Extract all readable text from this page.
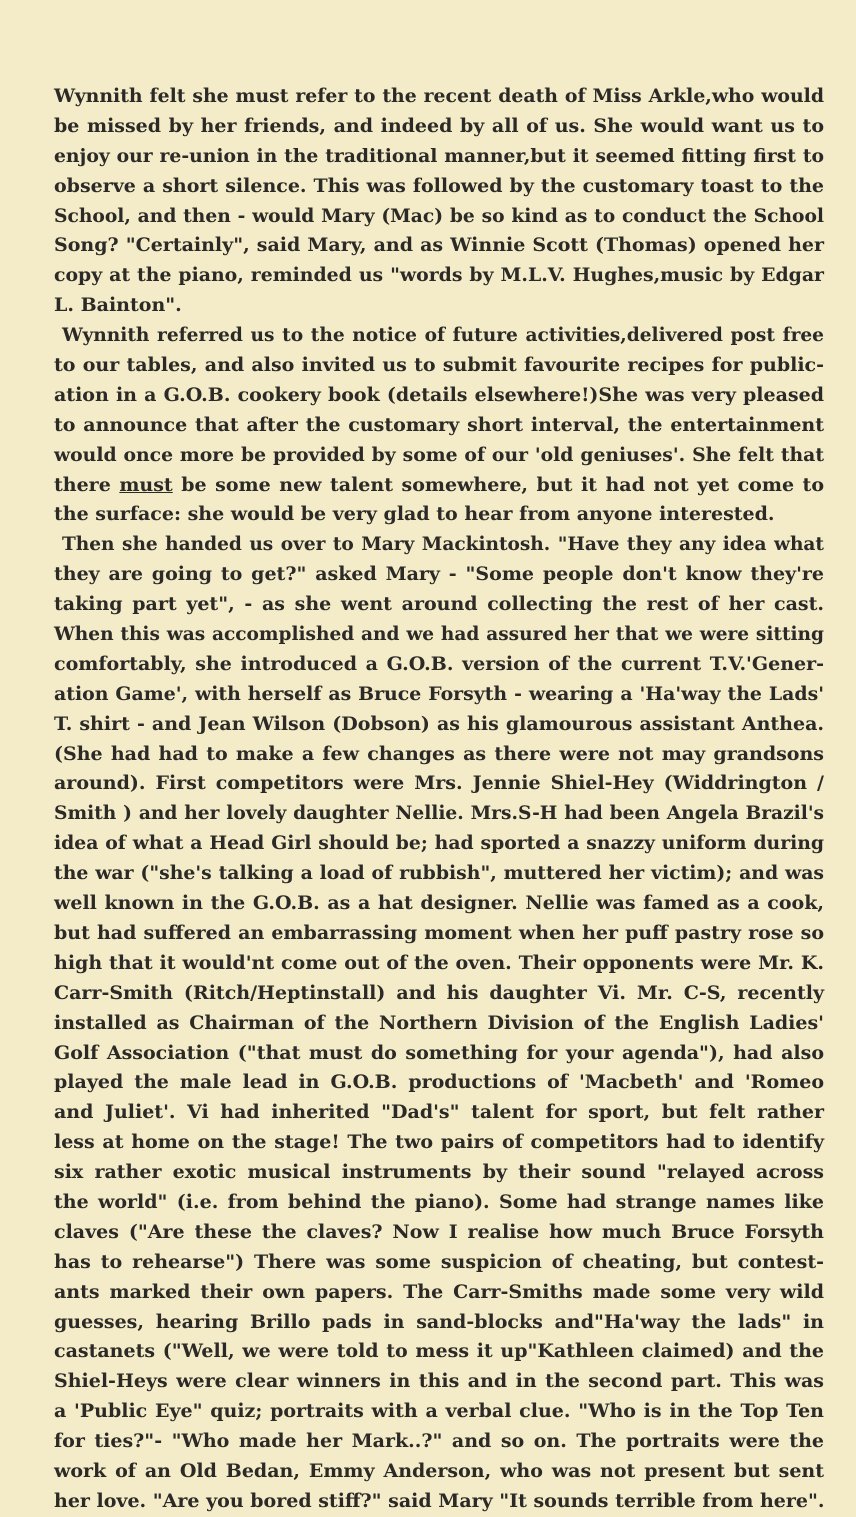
Wynnith felt she must refer to the recent death of Miss Arkle,who would
be missed by her friends, and indeed by all of us. She would want us to
enjoy our re-union in the traditional manner,but it seemed fitting first to
observe a short silence. This was followed by the customary toast to the
School, and then - would Mary (Mac) be so kind as to conduct the School
Song? "Certainly", said Mary, and as Winnie Scott (Thomas) opened her
copy at the piano, reminded us "words by M.L.V. Hughes,music by Edgar
L. Bainton".
Wynnith referred us to the notice of future activities,delivered post free
to our tables, and also invited us to submit favourite recipes for public-
ation in a G.O.B. cookery book (details elsewhere!)She was very pleased
to announce that after the customary short interval, the entertainment
would once more be provided by some of our 'old geniuses'. She felt that
there must be some new talent somewhere, but it had not yet come to
the surface: she would be very glad to hear from anyone interested.
Then she handed us over to Mary Mackintosh. "Have they any idea what
they are going to get?" asked Mary - "Some people don't know they're
taking part yet", - as she went around collecting the rest of her cast.
When this was accomplished and we had assured her that we were sitting
comfortably, she introduced a G.O.B. version of the current T.V.'Gener-
ation Game', with herself as Bruce Forsyth - wearing a 'Ha'way the Lads'
T. shirt - and Jean Wilson (Dobson) as his glamourous assistant Anthea.
(She had had to make a few changes as there were not may grandsons
around). First competitors were Mrs. Jennie Shiel-Hey (Widdrington /
Smith ) and her lovely daughter Nellie. Mrs.S-H had been Angela Brazil's
idea of what a Head Girl should be; had sported a snazzy uniform during
the war ("she's talking a load of rubbish", muttered her victim); and was
well known in the G.O.B. as a hat designer. Nellie was famed as a cook,
but had suffered an embarrassing moment when her puff pastry rose so
high that it would'nt come out of the oven. Their opponents were Mr. K.
Carr-Smith (Ritch/Heptinstall) and his daughter Vi. Mr. C-S, recently
installed as Chairman of the Northern Division of the English Ladies'
Golf Association ("that must do something for your agenda"), had also
played the male lead in G.O.B. productions of 'Macbeth' and 'Romeo
and Juliet'. Vi had inherited "Dad's" talent for sport, but felt rather
less at home on the stage! The two pairs of competitors had to identify
six rather exotic musical instruments by their sound "relayed across
the world" (i.e. from behind the piano). Some had strange names like
claves ("Are these the claves? Now I realise how much Bruce Forsyth
has to rehearse") There was some suspicion of cheating, but contest-
ants marked their own papers. The Carr-Smiths made some very wild
guesses, hearing Brillo pads in sand-blocks and"Ha'way the lads" in
castanets ("Well, we were told to mess it up"Kathleen claimed) and the
Shiel-Heys were clear winners in this and in the second part. This was
a 'Public Eye" quiz; portraits with a verbal clue. "Who is in the Top Ten
for ties?"- "Who made her Mark..?" and so on. The portraits were the
work of an Old Bedan, Emmy Anderson, who was not present but sent
her love. "Are you bored stiff?" said Mary "It sounds terrible from here".
